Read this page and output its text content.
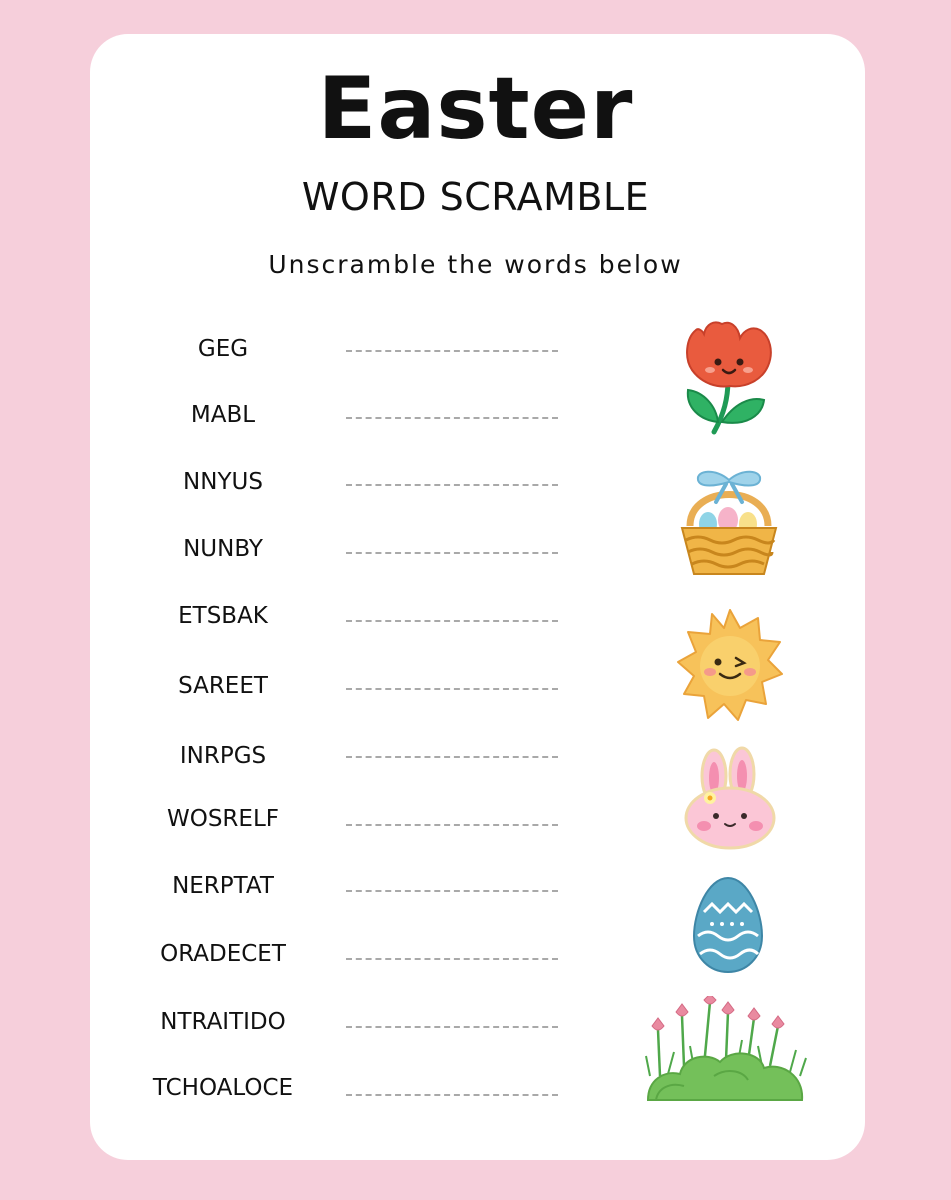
Easter
WORD SCRAMBLE
Unscramble the words below
GEG
MABL
NNYUS
NUNBY
ETSBAK
SAREET
INRPGS
WOSRELF
NERPTAT
ORADECET
NTRAITIDO
TCHOALOCE
